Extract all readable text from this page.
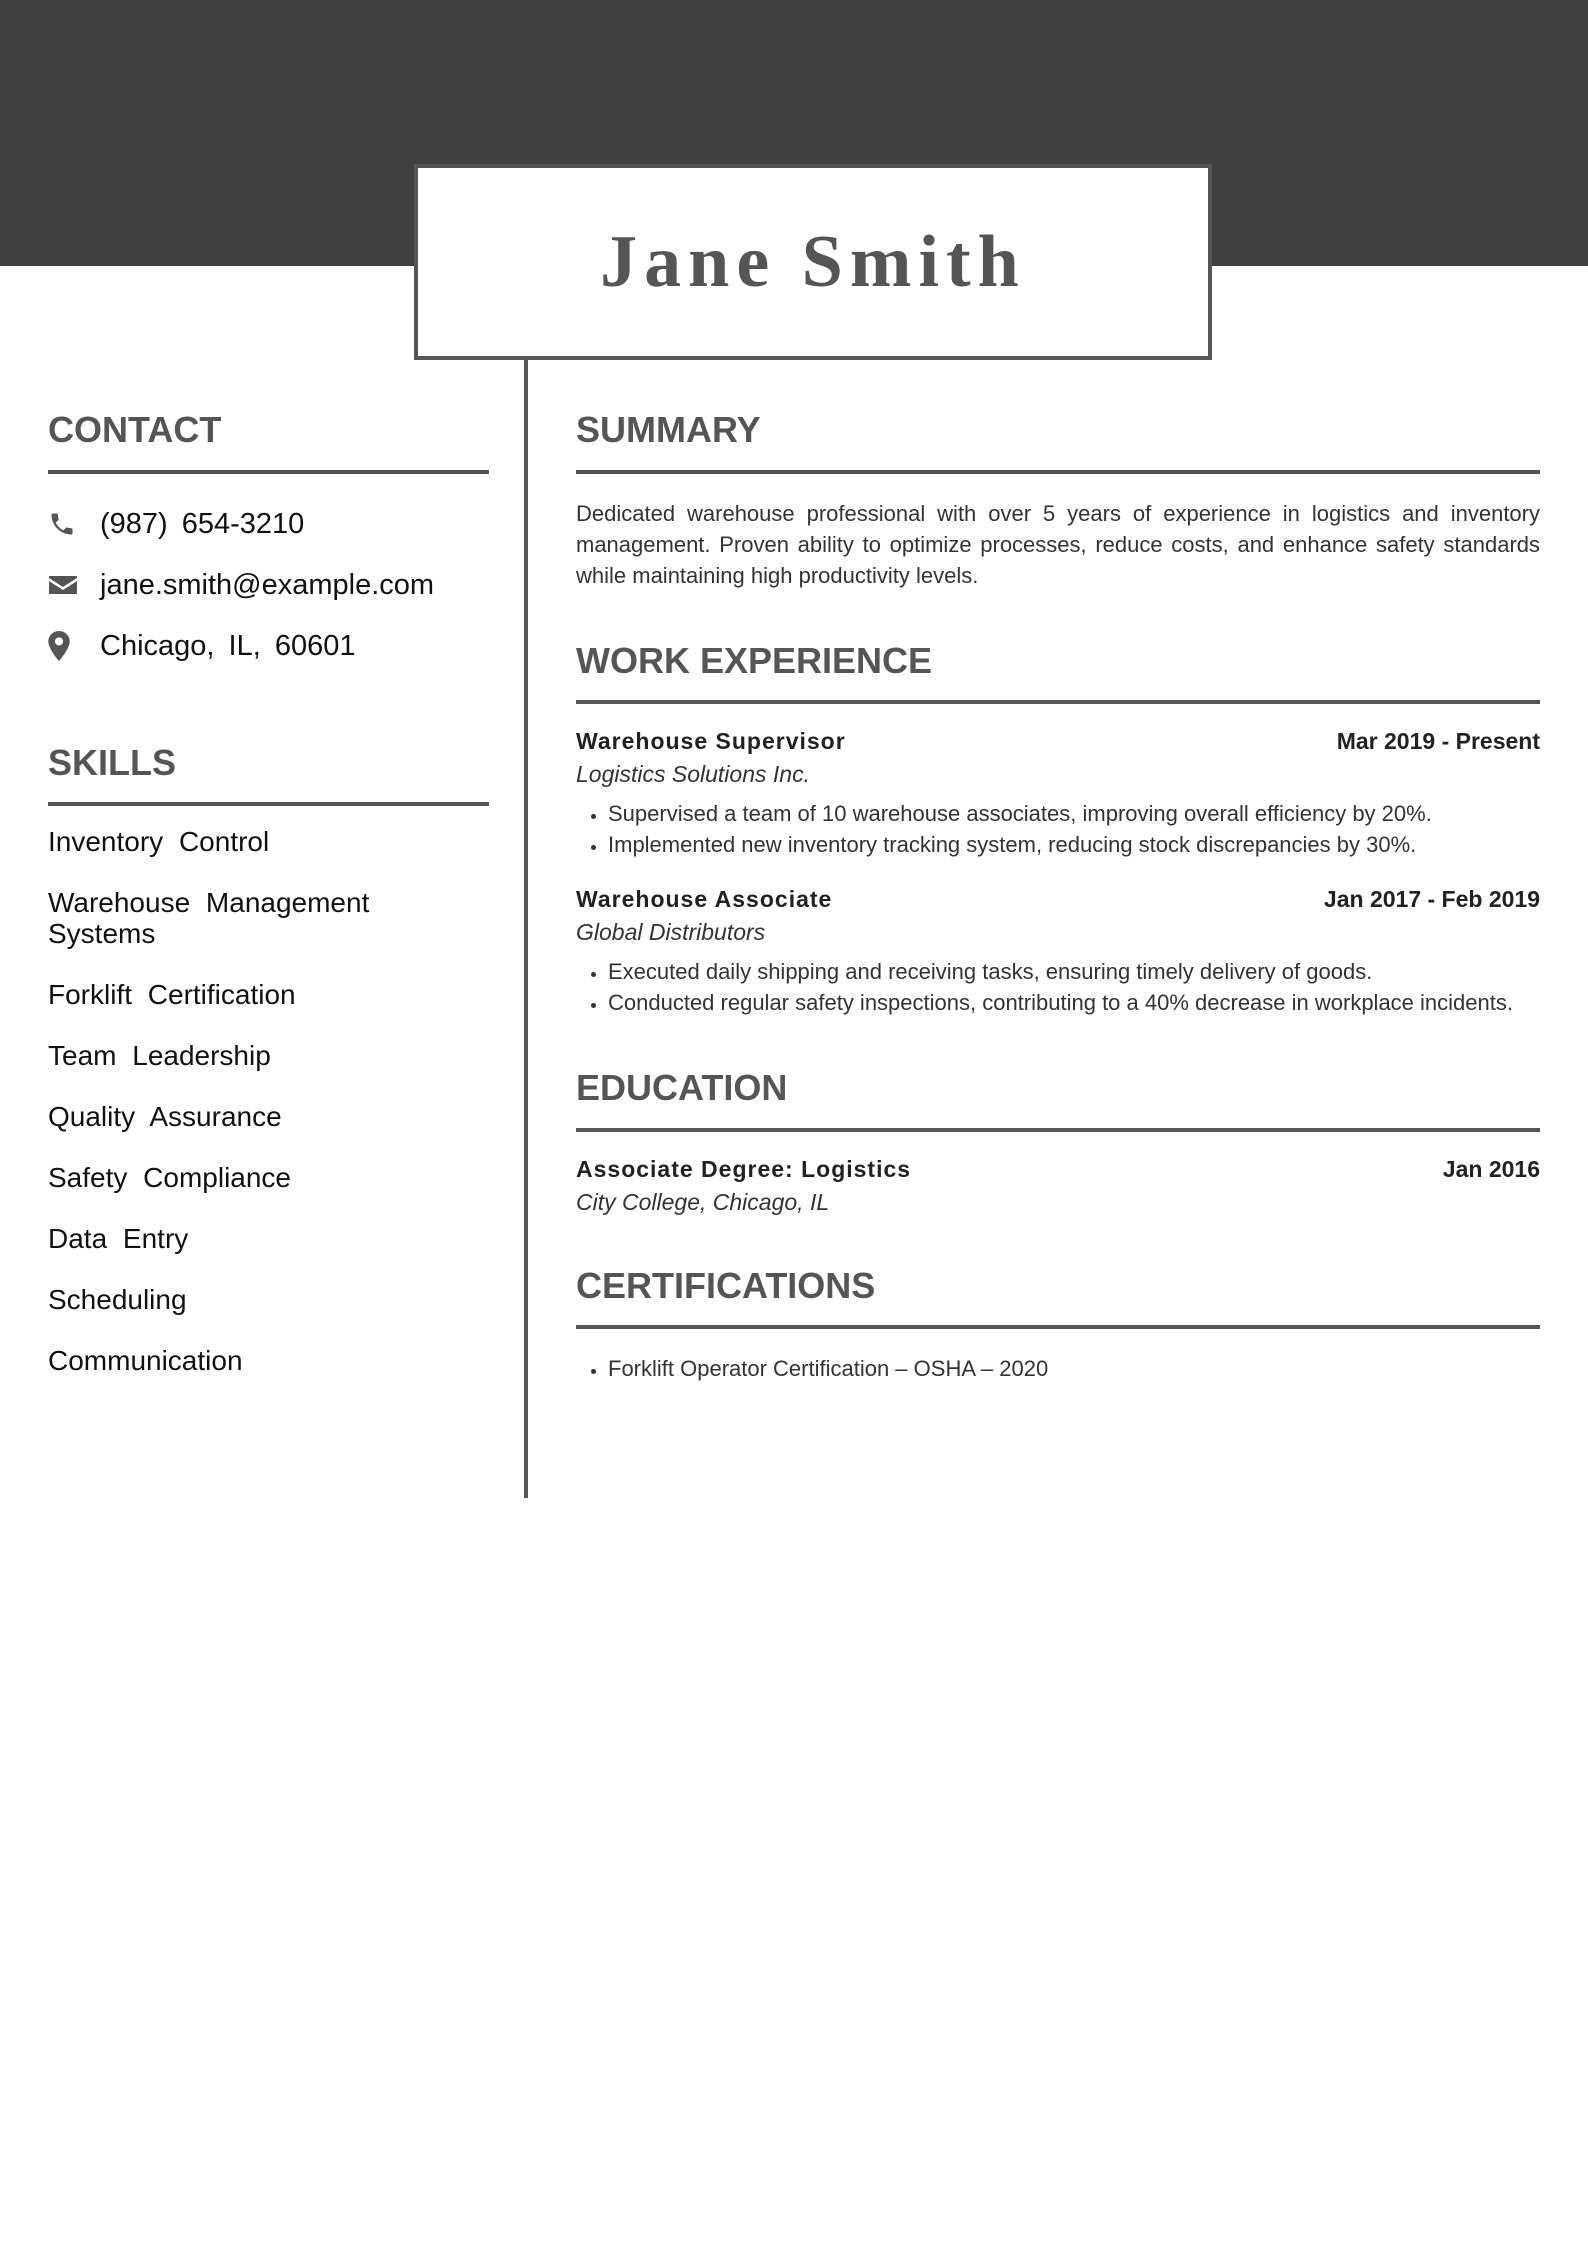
Jane Smith
CONTACT
(987) 654-3210
jane.smith@example.com
Chicago, IL, 60601
SKILLS
Inventory Control
Warehouse Management Systems
Forklift Certification
Team Leadership
Quality Assurance
Safety Compliance
Data Entry
Scheduling
Communication
SUMMARY

Dedicated warehouse professional with over 5 years of experience in logistics and inventory management. Proven ability to optimize processes, reduce costs, and enhance safety standards while maintaining high productivity levels.

WORK EXPERIENCE
Warehouse Supervisor	Mar 2019 - Present
Logistics Solutions Inc.
• Supervised a team of 10 warehouse associates, improving overall efficiency by 20%.
• Implemented new inventory tracking system, reducing stock discrepancies by 30%.
Warehouse Associate	Jan 2017 - Feb 2019
Global Distributors
• Executed daily shipping and receiving tasks, ensuring timely delivery of goods.
• Conducted regular safety inspections, contributing to a 40% decrease in workplace incidents.
EDUCATION
Associate Degree: Logistics	Jan 2016
City College, Chicago, IL
CERTIFICATIONS
• Forklift Operator Certification – OSHA – 2020
